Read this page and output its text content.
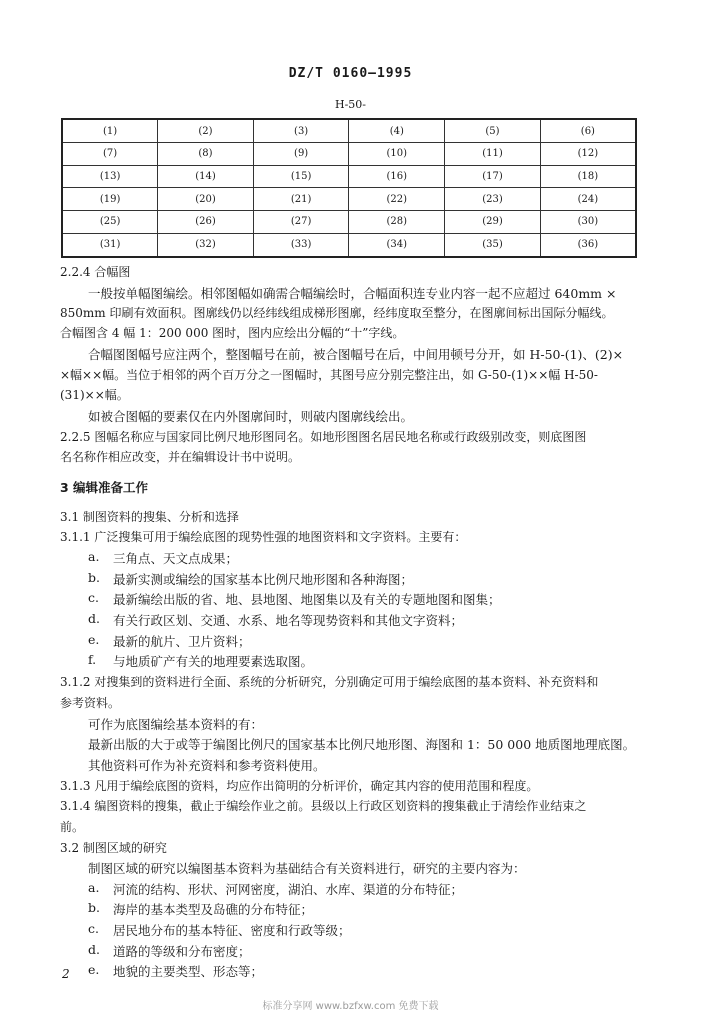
DZ/T 0160—1995
H-50-
(1)	(2)	(3)	(4)	(5)	(6)
(7)	(8)	(9)	(10)	(11)	(12)
(13)	(14)	(15)	(16)	(17)	(18)
(19)	(20)	(21)	(22)	(23)	(24)
(25)	(26)	(27)	(28)	(29)	(30)
(31)	(32)	(33)	(34)	(35)	(36)
2.2.4 合幅图
一般按单幅图编绘。相邻图幅如确需合幅编绘时，合幅面积连专业内容一起不应超过 640mm ×
850mm 印刷有效面积。图廓线仍以经纬线组成梯形图廓，经纬度取至整分，在图廓间标出国际分幅线。
合幅图含 4 幅 1：200 000 图时，图内应绘出分幅的“十”字线。
合幅图图幅号应注两个，整图幅号在前，被合图幅号在后，中间用顿号分开，如 H-50-(1)、(2)×
×幅××幅。当位于相邻的两个百万分之一图幅时，其图号应分别完整注出，如 G-50-(1)××幅 H-50-
(31)××幅。
如被合图幅的要素仅在内外图廓间时，则破内图廓线绘出。
2.2.5 图幅名称应与国家同比例尺地形图同名。如地形图图名居民地名称或行政级别改变，则底图图
名名称作相应改变，并在编辑设计书中说明。
3 编辑准备工作
3.1 制图资料的搜集、分析和选择
3.1.1 广泛搜集可用于编绘底图的现势性强的地图资料和文字资料。主要有：
a. 三角点、天文点成果；
b. 最新实测或编绘的国家基本比例尺地形图和各种海图；
c. 最新编绘出版的省、地、县地图、地图集以及有关的专题地图和图集；
d. 有关行政区划、交通、水系、地名等现势资料和其他文字资料；
e. 最新的航片、卫片资料；
f. 与地质矿产有关的地理要素选取图。
3.1.2 对搜集到的资料进行全面、系统的分析研究，分别确定可用于编绘底图的基本资料、补充资料和
参考资料。
可作为底图编绘基本资料的有：
最新出版的大于或等于编图比例尺的国家基本比例尺地形图、海图和 1：50 000 地质图地理底图。
其他资料可作为补充资料和参考资料使用。
3.1.3 凡用于编绘底图的资料，均应作出简明的分析评价，确定其内容的使用范围和程度。
3.1.4 编图资料的搜集，截止于编绘作业之前。县级以上行政区划资料的搜集截止于清绘作业结束之
前。
3.2 制图区域的研究
制图区域的研究以编图基本资料为基础结合有关资料进行，研究的主要内容为：
a. 河流的结构、形状、河网密度，湖泊、水库、渠道的分布特征；
b. 海岸的基本类型及岛礁的分布特征；
c. 居民地分布的基本特征、密度和行政等级；
d. 道路的等级和分布密度；
e. 地貌的主要类型、形态等；
2
标准分享网 www.bzfxw.com 免费下载
